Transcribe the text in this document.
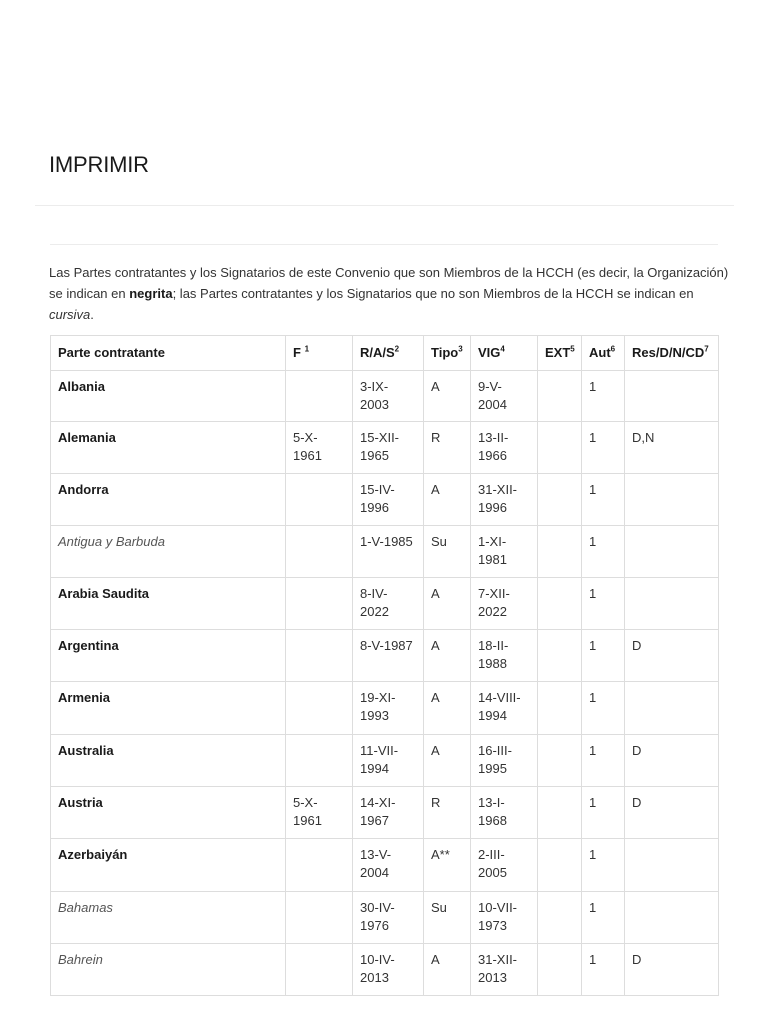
IMPRIMIR

Las Partes contratantes y los Signatarios de este Convenio que son Miembros de la HCCH (es decir, la Organización) se indican en negrita; las Partes contratantes y los Signatarios que no son Miembros de la HCCH se indican en cursiva.

Parte contratante	F $^1$	$R/A/S^2$	Tipo$^3$	VIG$^4$	EXT$^5$	Aut$^6$	Res/$D/N/CD^7$
Albania		3-IX-2003	A	9-V-2004		1	
Alemania	5-X-1961	15-XII-1965	R	13-II-1966		1	D,N
Andorra		15-IV-1996	A	31-XII-1996		1	
Antigua y Barbuda		1-V-1985	Su	1-XI-1981		1	
Arabia Saudita		8-IV-2022	A	7-XII-2022		1	
Argentina		8-V-1987	A	18-II-1988		1	D
Armenia		19-XI-1993	A	14-VIII-1994		1	
Australia		11-VII-1994	A	16-III-1995		1	D
Austria	5-X-1961	14-XI-1967	R	13-I-1968		1	D
Azerbaiyán		13-V-2004	A**	2-III-2005		1	
Bahamas		30-IV-1976	Su	10-VII-1973		1	
Bahrein		10-IV-2013	A	31-XII-2013		1	D
